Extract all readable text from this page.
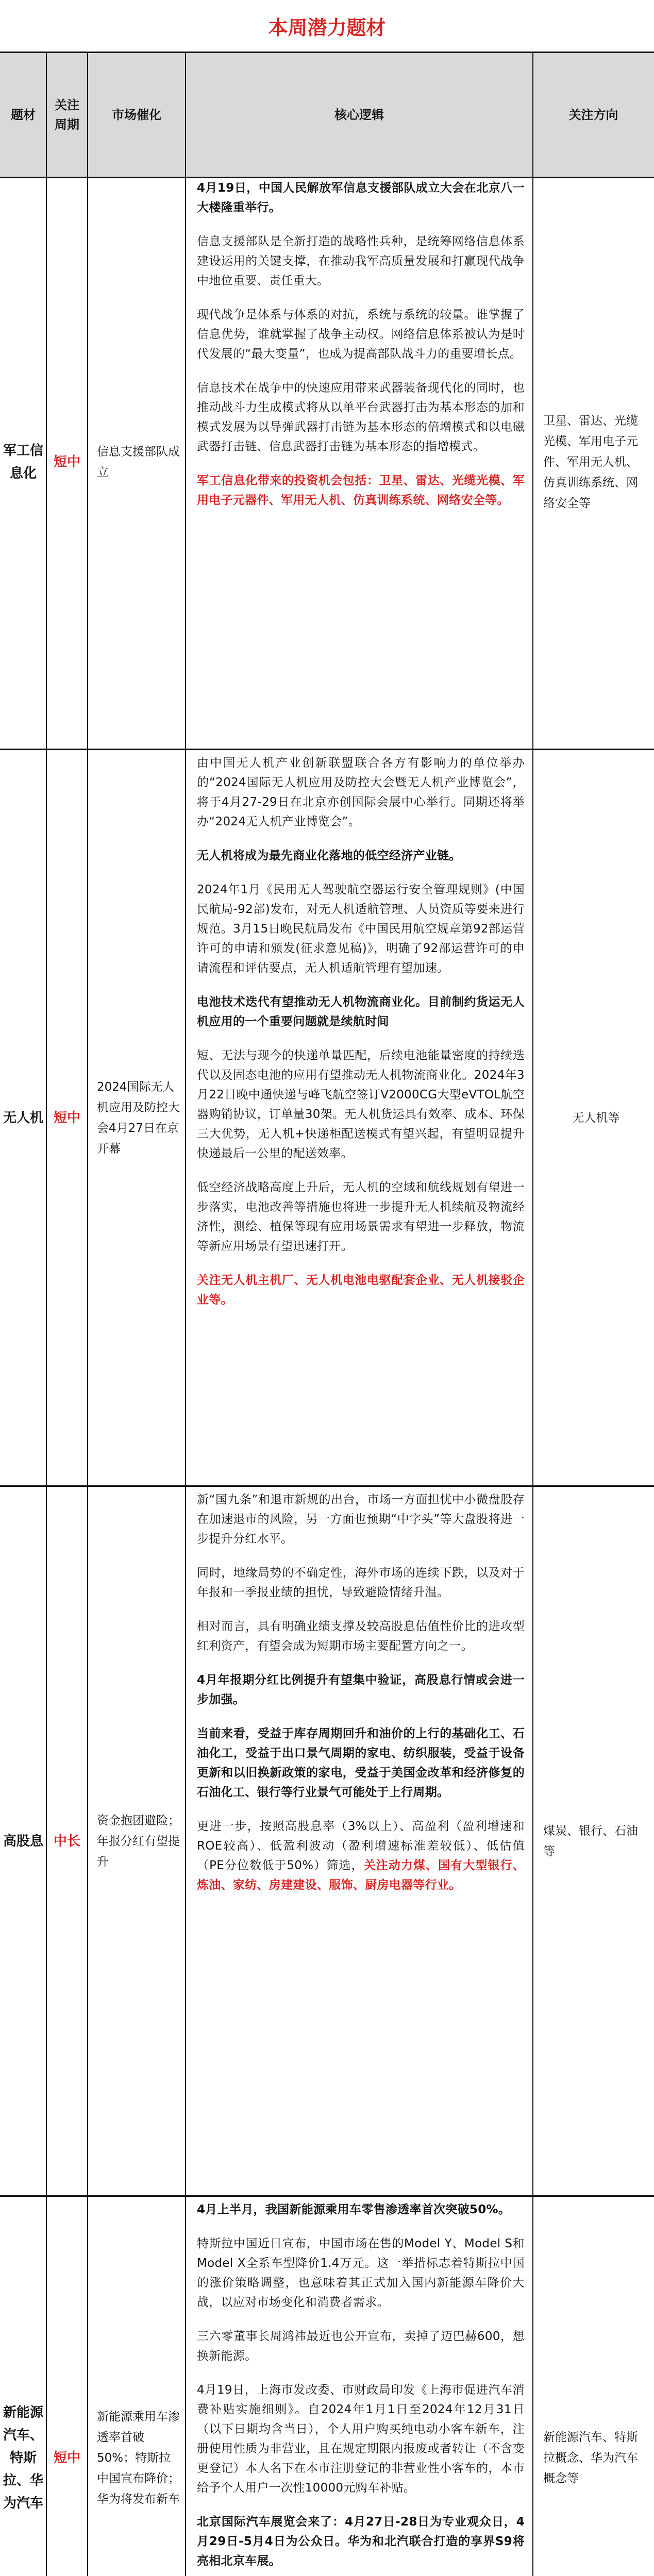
本周潜力题材
题材
关注周期
市场催化	核心逻辑	关注方向
军工信息化
短中
信息支援部队成立

4月19日，中国人民解放军信息支援部队成立大会在北京八一大楼隆重举行。

信息支援部队是全新打造的战略性兵种，是统筹网络信息体系建设运用的关键支撑，在推动我军高质量发展和打赢现代战争中地位重要、责任重大。

现代战争是体系与体系的对抗，系统与系统的较量。谁掌握了信息优势，谁就掌握了战争主动权。网络信息体系被认为是时代发展的“最大变量”，也成为提高部队战斗力的重要增长点。

信息技术在战争中的快速应用带来武器装备现代化的同时，也推动战斗力生成模式将从以单平台武器打击为基本形态的加和模式发展为以导弹武器打击链为基本形态的倍增模式和以电磁武器打击链、信息武器打击链为基本形态的指增模式。

军工信息化带来的投资机会包括：卫星、雷达、光缆光模、军用电子元器件、军用无人机、仿真训练系统、网络安全等。

卫星、雷达、光缆光模、军用电子元件、军用无人机、仿真训练系统、网络安全等
无人机 短中
2024国际无人机应用及防控大会4月27日在京开幕

由中国无人机产业创新联盟联合各方有影响力的单位举办的“2024国际无人机应用及防控大会暨无人机产业博览会”，将于4月27-29日在北京亦创国际会展中心举行。同期还将举办“2024无人机产业博览会”。

无人机将成为最先商业化落地的低空经济产业链。

2024年1月《民用无人驾驶航空器运行安全管理规则》(中国民航局-92部)发布，对无人机适航管理、人员资质等要来进行规范。3月15日晚民航局发布《中国民用航空规章第92部运营许可的申请和颁发(征求意见稿)》，明确了92部运营许可的申请流程和评估要点，无人机适航管理有望加速。

电池技术迭代有望推动无人机物流商业化。目前制约货运无人机应用的一个重要问题就是续航时间

短、无法与现今的快递单量匹配，后续电池能量密度的持续迭代以及固态电池的应用有望推动无人机物流商业化。2024年3月22日晚中通快递与峰飞航空签订V2000CG大型eVTOL航空器购销协议，订单量30架。无人机货运具有效率、成本、环保三大优势，无人机+快递柜配送模式有望兴起，有望明显提升快递最后一公里的配送效率。

低空经济战略高度上升后，无人机的空域和航线规划有望进一步落实，电池改善等措施也将进一步提升无人机续航及物流经济性，测绘、植保等现有应用场景需求有望进一步释放，物流等新应用场景有望迅速打开。

关注无人机主机厂、无人机电池电驱配套企业、无人机接驳企业等。

无人机等
高股息 中长
资金抱团避险；年报分红有望提升

新“国九条”和退市新规的出台，市场一方面担忧中小微盘股存在加速退市的风险，另一方面也预期“中字头”等大盘股将进一步提升分红水平。

同时，地缘局势的不确定性，海外市场的连续下跌，以及对于年报和一季报业绩的担忧，导致避险情绪升温。

相对而言，具有明确业绩支撑及较高股息估值性价比的进攻型红利资产，有望会成为短期市场主要配置方向之一。

4月年报期分红比例提升有望集中验证，高股息行情或会进一步加强。

当前来看，受益于库存周期回升和油价的上行的基础化工、石油化工，受益于出口景气周期的家电、纺织服装，受益于设备更新和以旧换新政策的家电，受益于美国金改革和经济修复的石油化工、银行等行业景气可能处于上行周期。

更进一步，按照高股息率（3%以上）、高盈利（盈利增速和ROE较高）、低盈利波动（盈利增速标准差较低）、低估值（PE分位数低于50%）筛选，关注动力煤、国有大型银行、炼油、家纺、房建建设、服饰、厨房电器等行业。

煤炭、银行、石油等
新能源汽车、特斯拉、华为汽车
短中
新能源乘用车渗透率首破50%；特斯拉中国宣布降价；华为将发布新车

4月上半月，我国新能源乘用车零售渗透率首次突破50%。

特斯拉中国近日宣布，中国市场在售的Model Y、Model S和Model X全系车型降价1.4万元。这一举措标志着特斯拉中国的涨价策略调整，也意味着其正式加入国内新能源车降价大战，以应对市场变化和消费者需求。

三六零董事长周鸿祎最近也公开宣布，卖掉了迈巴赫600，想换新能源。

4月19日，上海市发改委、市财政局印发《上海市促进汽车消费补贴实施细则》。自2024年1月1日至2024年12月31日（以下日期均含当日），个人用户购买纯电动小客车新车，注册使用性质为非营业，且在规定期限内报废或者转让（不含变更登记）本人名下在本市注册登记的非营业性小客车的，本市给予个人用户一次性10000元购车补贴。

北京国际汽车展览会来了：4月27日-28日为专业观众日，4月29日-5月4日为公众日。华为和北汽联合打造的享界S9将亮相北京车展。

新能源汽车、特斯拉概念、华为汽车概念等
